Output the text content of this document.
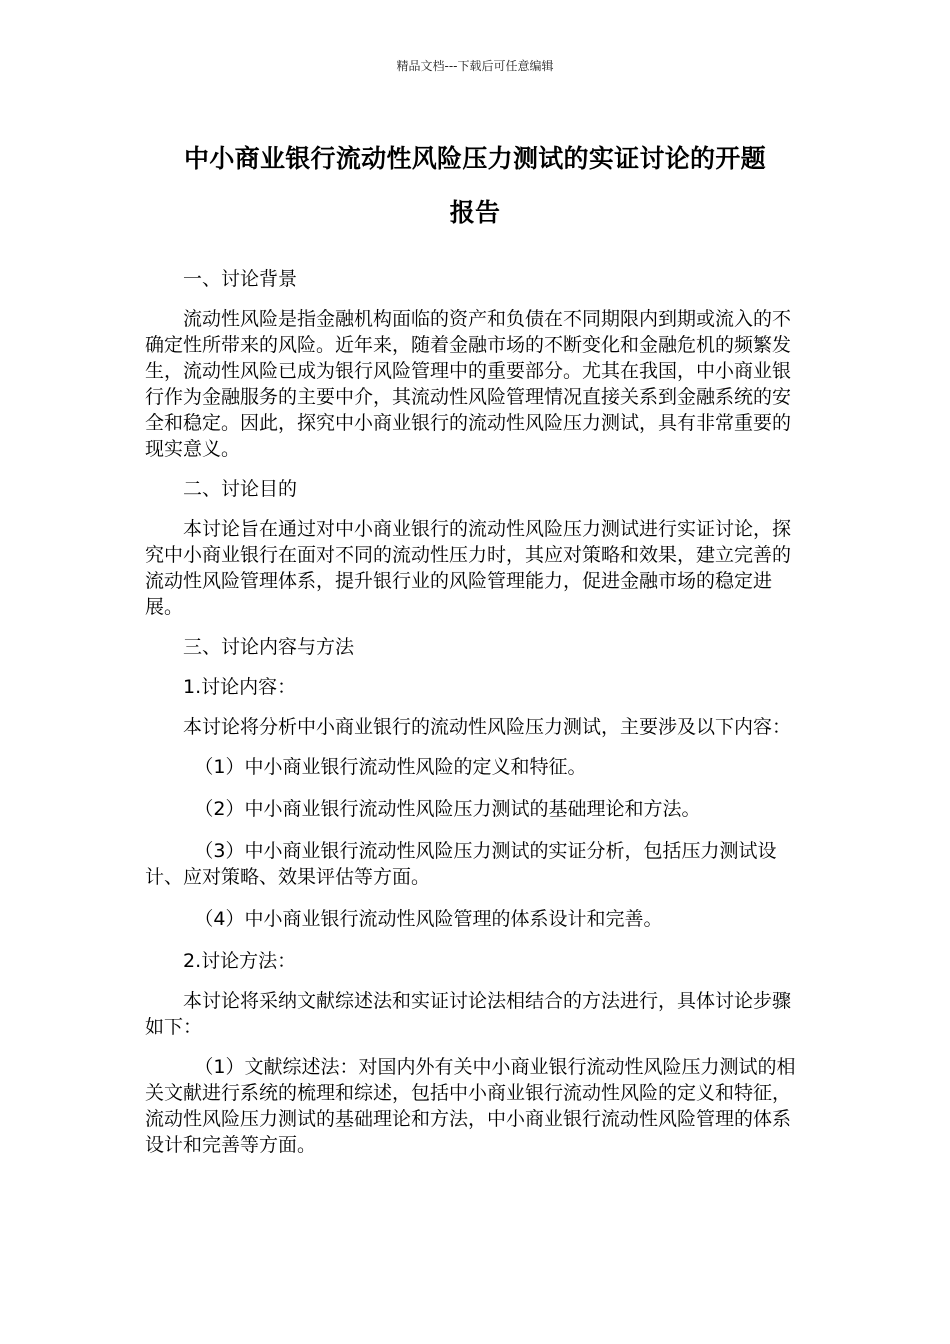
精品文档---下载后可任意编辑
中小商业银行流动性风险压力测试的实证讨论的开题
报告

一、讨论背景

流动性风险是指金融机构面临的资产和负债在不同期限内到期或流入的不确定性所带来的风险。近年来，随着金融市场的不断变化和金融危机的频繁发生，流动性风险已成为银行风险管理中的重要部分。尤其在我国，中小商业银行作为金融服务的主要中介，其流动性风险管理情况直接关系到金融系统的安全和稳定。因此，探究中小商业银行的流动性风险压力测试，具有非常重要的现实意义。

二、讨论目的

本讨论旨在通过对中小商业银行的流动性风险压力测试进行实证讨论，探究中小商业银行在面对不同的流动性压力时，其应对策略和效果，建立完善的流动性风险管理体系，提升银行业的风险管理能力，促进金融市场的稳定进展。

三、讨论内容与方法

1.讨论内容：

本讨论将分析中小商业银行的流动性风险压力测试，主要涉及以下内容：

（1）中小商业银行流动性风险的定义和特征。

（2）中小商业银行流动性风险压力测试的基础理论和方法。

（3）中小商业银行流动性风险压力测试的实证分析，包括压力测试设计、应对策略、效果评估等方面。

（4）中小商业银行流动性风险管理的体系设计和完善。

2.讨论方法：

本讨论将采纳文献综述法和实证讨论法相结合的方法进行，具体讨论步骤如下：

（1）文献综述法：对国内外有关中小商业银行流动性风险压力测试的相关文献进行系统的梳理和综述，包括中小商业银行流动性风险的定义和特征，流动性风险压力测试的基础理论和方法，中小商业银行流动性风险管理的体系设计和完善等方面。
